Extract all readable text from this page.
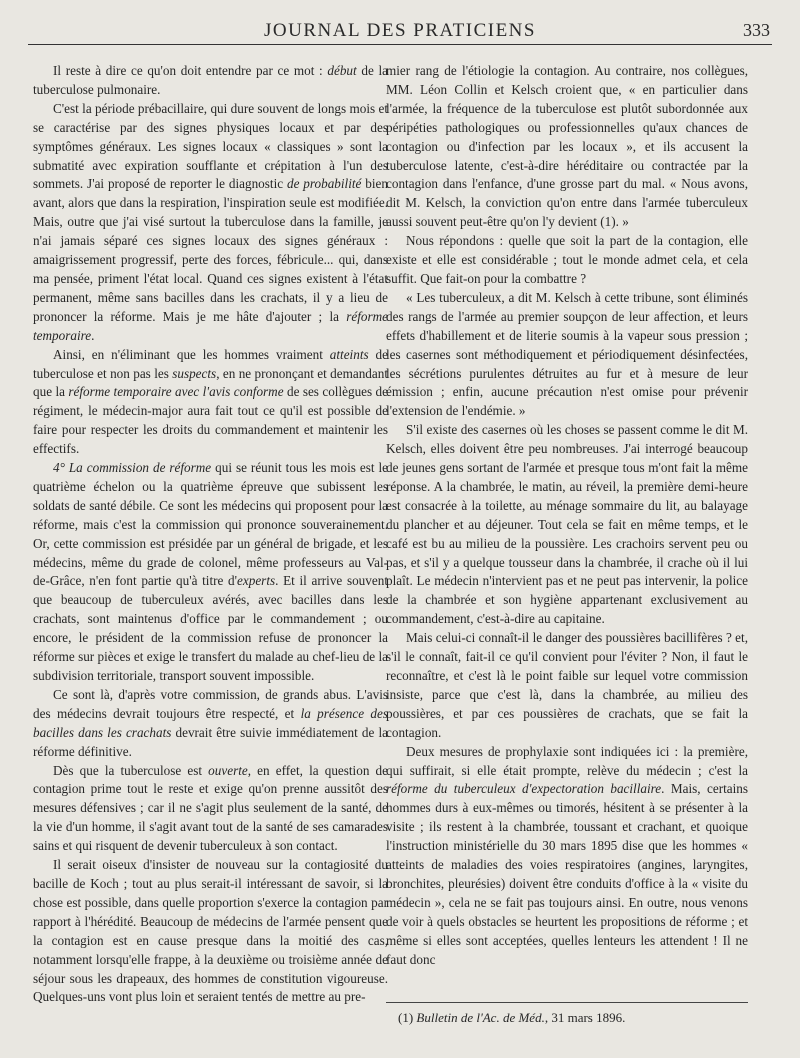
JOURNAL DES PRATICIENS	333

Il reste à dire ce qu'on doit entendre par ce mot : début de la tuberculose pulmonaire.

C'est la période prébacillaire, qui dure souvent de longs mois et se caractérise par des signes physiques locaux et par des symptômes généraux. Les signes locaux « classiques » sont la submatité avec expiration soufflante et crépitation à l'un des sommets. J'ai proposé de reporter le diagnostic de probabilité bien avant, alors que dans la respiration, l'inspiration seule est modifiée. Mais, outre que j'ai visé surtout la tuberculose dans la famille, je n'ai jamais séparé ces signes locaux des signes généraux : amaigrissement progressif, perte des forces, fébricule... qui, dans ma pensée, priment l'état local. Quand ces signes existent à l'état permanent, même sans bacilles dans les crachats, il y a lieu de prononcer la réforme. Mais je me hâte d'ajouter ; la réforme temporaire.

Ainsi, en n'éliminant que les hommes vraiment atteints de tuberculose et non pas les suspects, en ne prononçant et demandant que la réforme temporaire avec l'avis conforme de ses collègues de régiment, le médecin-major aura fait tout ce qu'il est possible de faire pour respecter les droits du commandement et maintenir les effectifs.

4° La commission de réforme qui se réunit tous les mois est le quatrième échelon ou la quatrième épreuve que subissent les soldats de santé débile. Ce sont les médecins qui proposent pour la réforme, mais c'est la commission qui prononce souverainement. Or, cette commission est présidée par un général de brigade, et les médecins, même du grade de colonel, même professeurs au Val-de-Grâce, n'en font partie qu'à titre d'experts. Et il arrive souvent que beaucoup de tuberculeux avérés, avec bacilles dans les crachats, sont maintenus d'office par le commandement ; ou encore, le président de la commission refuse de prononcer la réforme sur pièces et exige le transfert du malade au chef-lieu de la subdivision territoriale, transport souvent impossible.

Ce sont là, d'après votre commission, de grands abus. L'avis des médecins devrait toujours être respecté, et la présence des bacilles dans les crachats devrait être suivie immédiatement de la réforme définitive.

Dès que la tuberculose est ouverte, en effet, la question de contagion prime tout le reste et exige qu'on prenne aussitôt des mesures défensives ; car il ne s'agit plus seulement de la santé, de la vie d'un homme, il s'agit avant tout de la santé de ses camarades sains et qui risquent de devenir tuberculeux à son contact.

Il serait oiseux d'insister de nouveau sur la contagiosité du bacille de Koch ; tout au plus serait-il intéressant de savoir, si la chose est possible, dans quelle proportion s'exerce la contagion par rapport à l'hérédité. Beaucoup de médecins de l'armée pensent que la contagion est en cause presque dans la moitié des cas, notamment lorsqu'elle frappe, à la deuxième ou troisième année de séjour sous les drapeaux, des hommes de constitution vigoureuse. Quelques-uns vont plus loin et seraient tentés de mettre au pre-

mier rang de l'étiologie la contagion. Au contraire, nos collègues, MM. Léon Collin et Kelsch croient que, « en particulier dans l'armée, la fréquence de la tuberculose est plutôt subordonnée aux péripéties pathologiques ou professionnelles qu'aux chances de contagion ou d'infection par les locaux », et ils accusent la tuberculose latente, c'est-à-dire héréditaire ou contractée par la contagion dans l'enfance, d'une grosse part du mal. « Nous avons, dit M. Kelsch, la conviction qu'on entre dans l'armée tuberculeux aussi souvent peut-être qu'on l'y devient (1). »

Nous répondons : quelle que soit la part de la contagion, elle existe et elle est considérable ; tout le monde admet cela, et cela suffit. Que fait-on pour la combattre ?

« Les tuberculeux, a dit M. Kelsch à cette tribune, sont éliminés des rangs de l'armée au premier soupçon de leur affection, et leurs effets d'habillement et de literie soumis à la vapeur sous pression ; les casernes sont méthodiquement et périodiquement désinfectées, les sécrétions purulentes détruites au fur et à mesure de leur émission ; enfin, aucune précaution n'est omise pour prévenir l'extension de l'endémie. »

S'il existe des casernes où les choses se passent comme le dit M. Kelsch, elles doivent être peu nombreuses. J'ai interrogé beaucoup de jeunes gens sortant de l'armée et presque tous m'ont fait la même réponse. A la chambrée, le matin, au réveil, la première demi-heure est consacrée à la toilette, au ménage sommaire du lit, au balayage du plancher et au déjeuner. Tout cela se fait en même temps, et le café est bu au milieu de la poussière. Les crachoirs servent peu ou pas, et s'il y a quelque tousseur dans la chambrée, il crache où il lui plaît. Le médecin n'intervient pas et ne peut pas intervenir, la police de la chambrée et son hygiène appartenant exclusivement au commandement, c'est-à-dire au capitaine.

Mais celui-ci connaît-il le danger des poussières bacillifères ? et, s'il le connaît, fait-il ce qu'il convient pour l'éviter ? Non, il faut le reconnaître, et c'est là le point faible sur lequel votre commission insiste, parce que c'est là, dans la chambrée, au milieu des poussières, et par ces poussières de crachats, que se fait la contagion.

Deux mesures de prophylaxie sont indiquées ici : la première, qui suffirait, si elle était prompte, relève du médecin ; c'est la réforme du tuberculeux d'expectoration bacillaire. Mais, certains hommes durs à eux-mêmes ou timorés, hésitent à se présenter à la visite ; ils restent à la chambrée, toussant et crachant, et quoique l'instruction ministérielle du 30 mars 1895 dise que les hommes « atteints de maladies des voies respiratoires (angines, laryngites, bronchites, pleurésies) doivent être conduits d'office à la « visite du médecin », cela ne se fait pas toujours ainsi. En outre, nous venons de voir à quels obstacles se heurtent les propositions de réforme ; et même si elles sont acceptées, quelles lenteurs les attendent ! Il ne faut donc

(1) Bulletin de l'Ac. de Méd., 31 mars 1896.
